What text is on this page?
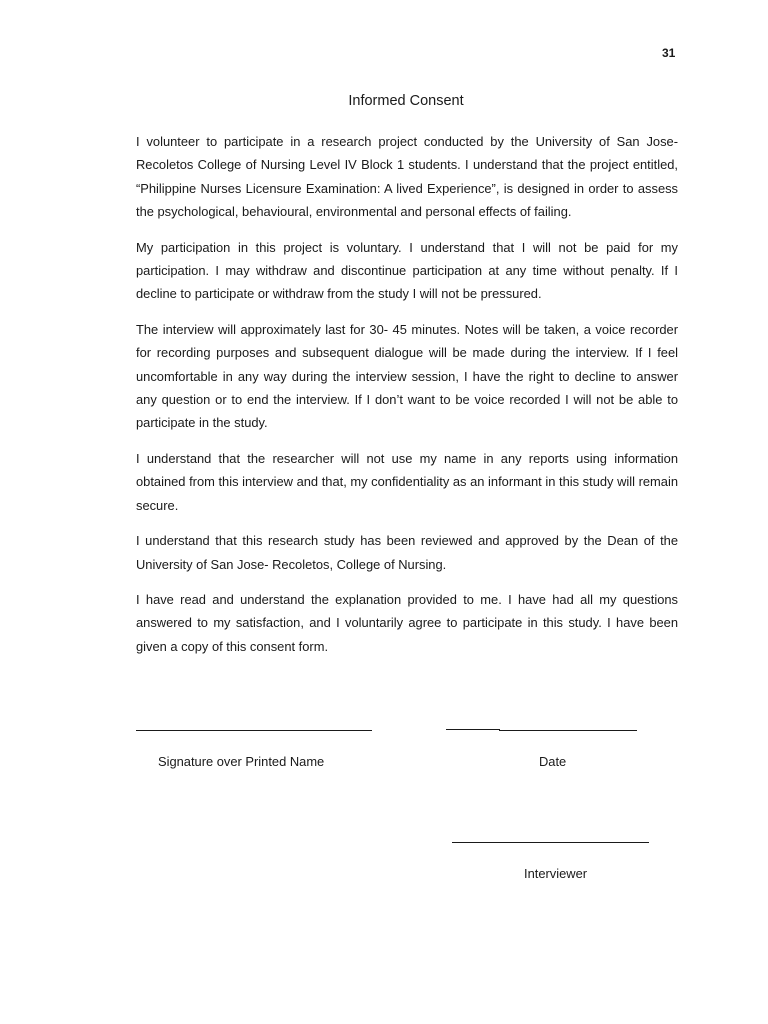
31
Informed Consent

I volunteer to participate in a research project conducted by the University of San Jose-Recoletos College of Nursing Level IV Block 1 students. I understand that the project entitled, “Philippine Nurses Licensure Examination: A lived Experience”, is designed in order to assess the psychological, behavioural, environmental and personal effects of failing.

My participation in this project is voluntary. I understand that I will not be paid for my participation. I may withdraw and discontinue participation at any time without penalty. If I decline to participate or withdraw from the study I will not be pressured.

The interview will approximately last for 30- 45 minutes. Notes will be taken, a voice recorder for recording purposes and subsequent dialogue will be made during the interview. If I feel uncomfortable in any way during the interview session, I have the right to decline to answer any question or to end the interview. If I don’t want to be voice recorded I will not be able to participate in the study.

I understand that the researcher will not use my name in any reports using information obtained from this interview and that, my confidentiality as an informant in this study will remain secure.

I understand that this research study has been reviewed and approved by the Dean of the University of San Jose- Recoletos, College of Nursing.

I have read and understand the explanation provided to me. I have had all my questions answered to my satisfaction, and I voluntarily agree to participate in this study. I have been given a copy of this consent form.

Signature over Printed Name	Date
Interviewer
